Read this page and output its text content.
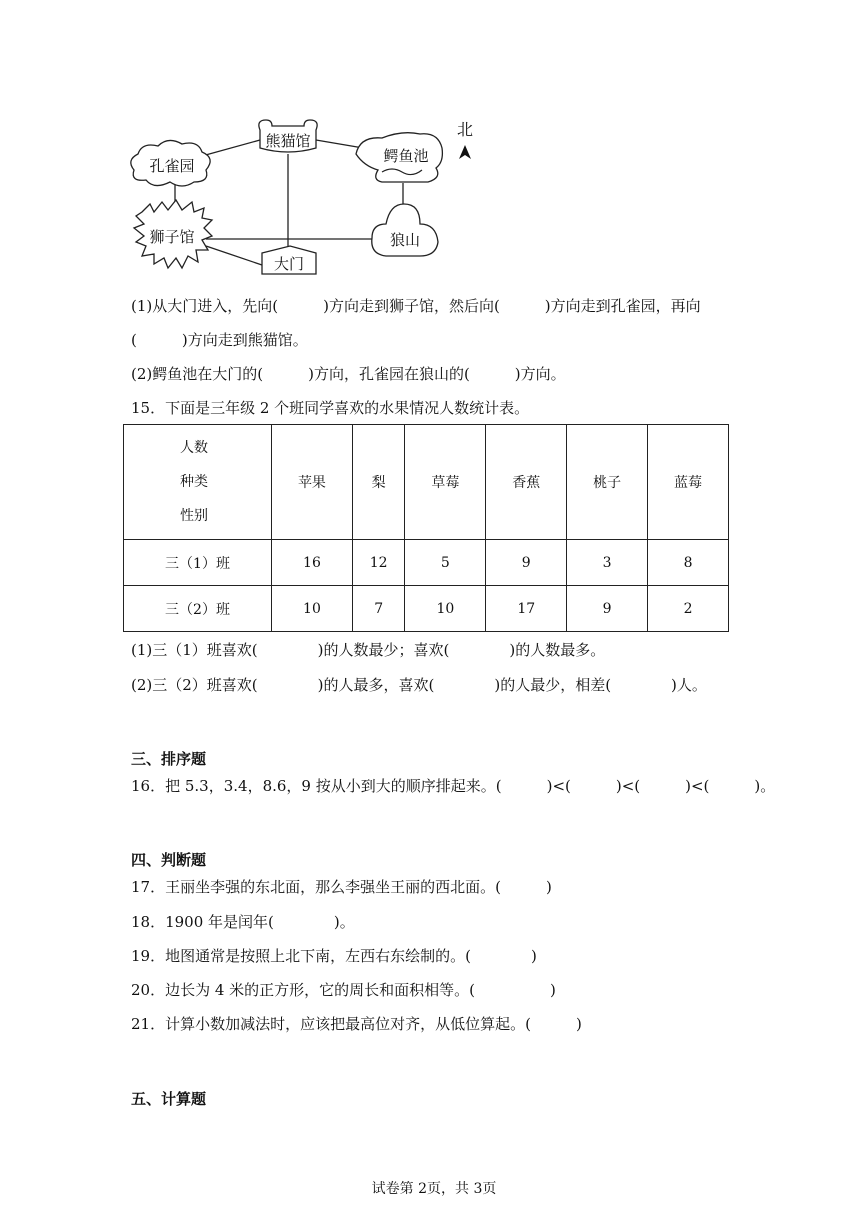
熊猫馆
孔雀园
鳄鱼池
狮子馆
大门
狼山
北
(1)从大门进入，先向(　　　)方向走到狮子馆，然后向(　　　)方向走到孔雀园，再向
(　　　)方向走到熊猫馆。
(2)鳄鱼池在大门的(　　　)方向，孔雀园在狼山的(　　　)方向。
15．下面是三年级 2 个班同学喜欢的水果情况人数统计表。
人数
种类
性别	苹果	梨	草莓	香蕉	桃子	蓝莓
三（1）班	16	12	5	9	3	8
三（2）班	10	7	10	17	9	2
(1)三（1）班喜欢(　　　　)的人数最少；喜欢(　　　　)的人数最多。
(2)三（2）班喜欢(　　　　)的人最多，喜欢(　　　　)的人最少，相差(　　　　)人。
三、排序题
16．把 5.3，3.4，8.6，9 按从小到大的顺序排起来。(　　　)<(　　　)<(　　　)<(　　　)。
四、判断题
17．王丽坐李强的东北面，那么李强坐王丽的西北面。(　　　)
18．1900 年是闰年(　　　　)。
19．地图通常是按照上北下南，左西右东绘制的。(　　　　)
20．边长为 4 米的正方形，它的周长和面积相等。(　　　　　)
21．计算小数加减法时，应该把最高位对齐，从低位算起。(　　　)
五、计算题
试卷第 2页，共 3页
